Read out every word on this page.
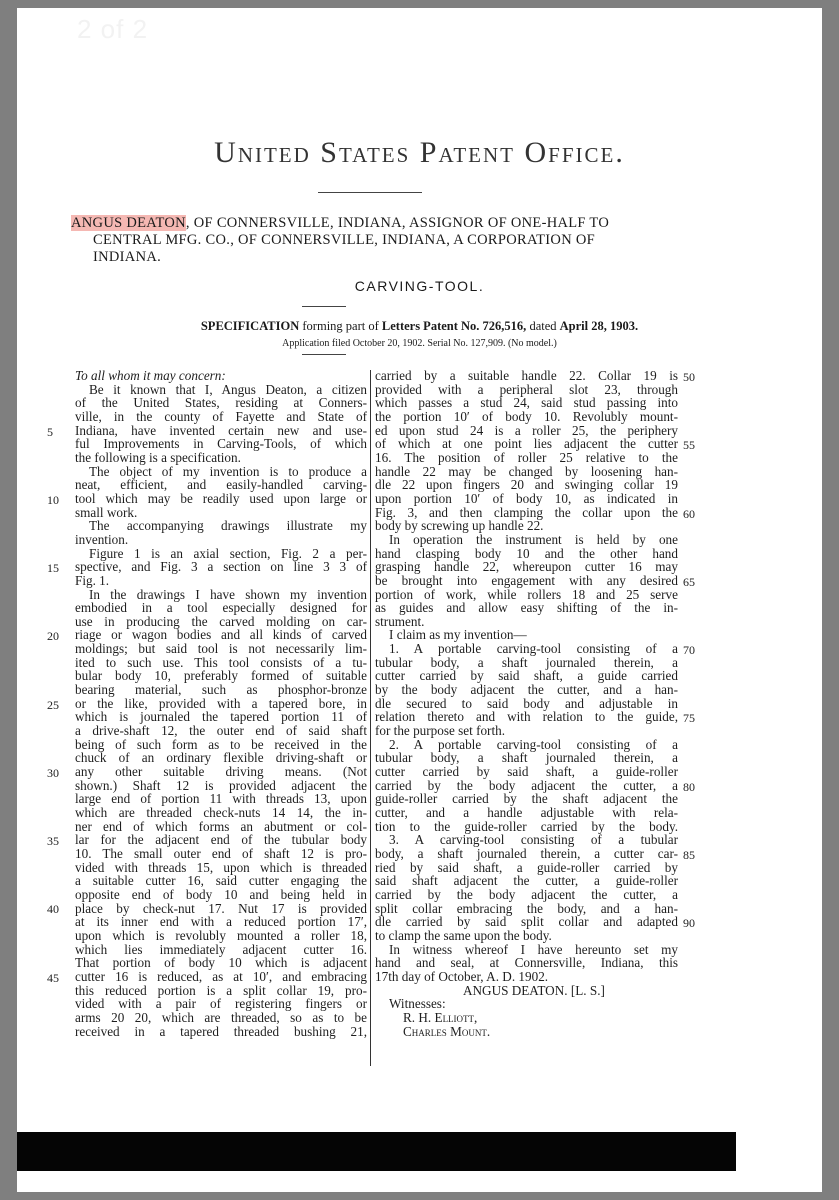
2 of 2
United States Patent Office.
ANGUS DEATON, OF CONNERSVILLE, INDIANA, ASSIGNOR OF ONE-HALF TO
CENTRAL MFG. CO., OF CONNERSVILLE, INDIANA, A CORPORATION OF
INDIANA.
CARVING-TOOL.
SPECIFICATION forming part of Letters Patent No. 726,516, dated April 28, 1903.
Application filed October 20, 1902. Serial No. 127,909. (No model.)
To all whom it may concern:
Be it known that I, Angus Deaton, a citizen
of the United States, residing at Conners-
ville, in the county of Fayette and State of
Indiana, have invented certain new and use-
ful Improvements in Carving-Tools, of which
the following is a specification.
The object of my invention is to produce a
neat, efficient, and easily-handled carving-
tool which may be readily used upon large or
small work.
The accompanying drawings illustrate my
invention.
Figure 1 is an axial section, Fig. 2 a per-
spective, and Fig. 3 a section on line 3 3 of
Fig. 1.
In the drawings I have shown my invention
embodied in a tool especially designed for
use in producing the carved molding on car-
riage or wagon bodies and all kinds of carved
moldings; but said tool is not necessarily lim-
ited to such use. This tool consists of a tu-
bular body 10, preferably formed of suitable
bearing material, such as phosphor-bronze
or the like, provided with a tapered bore, in
which is journaled the tapered portion 11 of
a drive-shaft 12, the outer end of said shaft
being of such form as to be received in the
chuck of an ordinary flexible driving-shaft or
any other suitable driving means. (Not
shown.) Shaft 12 is provided adjacent the
large end of portion 11 with threads 13, upon
which are threaded check-nuts 14 14, the in-
ner end of which forms an abutment or col-
lar for the adjacent end of the tubular body
10. The small outer end of shaft 12 is pro-
vided with threads 15, upon which is threaded
a suitable cutter 16, said cutter engaging the
opposite end of body 10 and being held in
place by check-nut 17. Nut 17 is provided
at its inner end with a reduced portion 17′,
upon which is revolubly mounted a roller 18,
which lies immediately adjacent cutter 16.
That portion of body 10 which is adjacent
cutter 16 is reduced, as at 10′, and embracing
this reduced portion is a split collar 19, pro-
vided with a pair of registering fingers or
arms 20 20, which are threaded, so as to be
received in a tapered threaded bushing 21,
carried by a suitable handle 22. Collar 19 is
provided with a peripheral slot 23, through
which passes a stud 24, said stud passing into
the portion 10′ of body 10. Revolubly mount-
ed upon stud 24 is a roller 25, the periphery
of which at one point lies adjacent the cutter
16. The position of roller 25 relative to the
handle 22 may be changed by loosening han-
dle 22 upon fingers 20 and swinging collar 19
upon portion 10′ of body 10, as indicated in
Fig. 3, and then clamping the collar upon the
body by screwing up handle 22.
In operation the instrument is held by one
hand clasping body 10 and the other hand
grasping handle 22, whereupon cutter 16 may
be brought into engagement with any desired
portion of work, while rollers 18 and 25 serve
as guides and allow easy shifting of the in-
strument.
I claim as my invention—
1. A portable carving-tool consisting of a
tubular body, a shaft journaled therein, a
cutter carried by said shaft, a guide carried
by the body adjacent the cutter, and a han-
dle secured to said body and adjustable in
relation thereto and with relation to the guide,
for the purpose set forth.
2. A portable carving-tool consisting of a
tubular body, a shaft journaled therein, a
cutter carried by said shaft, a guide-roller
carried by the body adjacent the cutter, a
guide-roller carried by the shaft adjacent the
cutter, and a handle adjustable with rela-
tion to the guide-roller carried by the body.
3. A carving-tool consisting of a tubular
body, a shaft journaled therein, a cutter car-
ried by said shaft, a guide-roller carried by
said shaft adjacent the cutter, a guide-roller
carried by the body adjacent the cutter, a
split collar embracing the body, and a han-
dle carried by said split collar and adapted
to clamp the same upon the body.
In witness whereof I have hereunto set my
hand and seal, at Connersville, Indiana, this
17th day of October, A. D. 1902.
ANGUS DEATON. [L. S.]
Witnesses:
R. H. Elliott,
Charles Mount.
5
10
15
20
25
30
35
40
45
50
55
60
65
70
75
80
85
90
